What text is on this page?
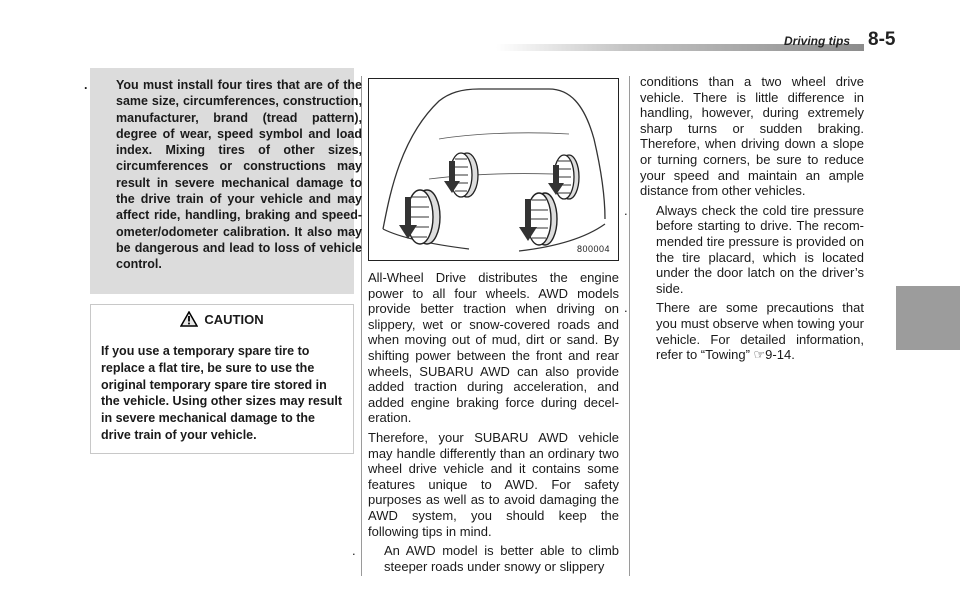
Driving tips 8-5
. You must install four tires that are of the same size, circumferences, construction, manufacturer, brand (tread pattern), degree of wear, speed symbol and load index. Mixing tires of other sizes, circumferences or constructions may result in severe mechanical damage to the drive train of your vehicle and may affect ride, handling, braking and speed-ometer/odometer calibration. It also may be dangerous and lead to loss of vehicle control.
CAUTION
If you use a temporary spare tire to replace a flat tire, be sure to use the original temporary spare tire stored in the vehicle. Using other sizes may result in severe mechanical damage to the drive train of your vehicle.
800004

All-Wheel Drive distributes the engine power to all four wheels. AWD models provide better traction when driving on slippery, wet or snow-covered roads and when moving out of mud, dirt or sand. By shifting power between the front and rear wheels, SUBARU AWD can also provide added traction during acceleration, and added engine braking force during decel-eration.

Therefore, your SUBARU AWD vehicle may handle differently than an ordinary two wheel drive vehicle and it contains some features unique to AWD. For safety purposes as well as to avoid damaging the AWD system, you should keep the following tips in mind.

. An AWD model is better able to climb steeper roads under snowy or slippery

conditions than a two wheel drive vehicle. There is little difference in handling, however, during extremely sharp turns or sudden braking. Therefore, when driving down a slope or turning corners, be sure to reduce your speed and maintain an ample distance from other vehicles.

. Always check the cold tire pressure before starting to drive. The recom-mended tire pressure is provided on the tire placard, which is located under the door latch on the driver’s side.

. There are some precautions that you must observe when towing your vehicle. For detailed information, refer to “Towing” ☞9-14.
